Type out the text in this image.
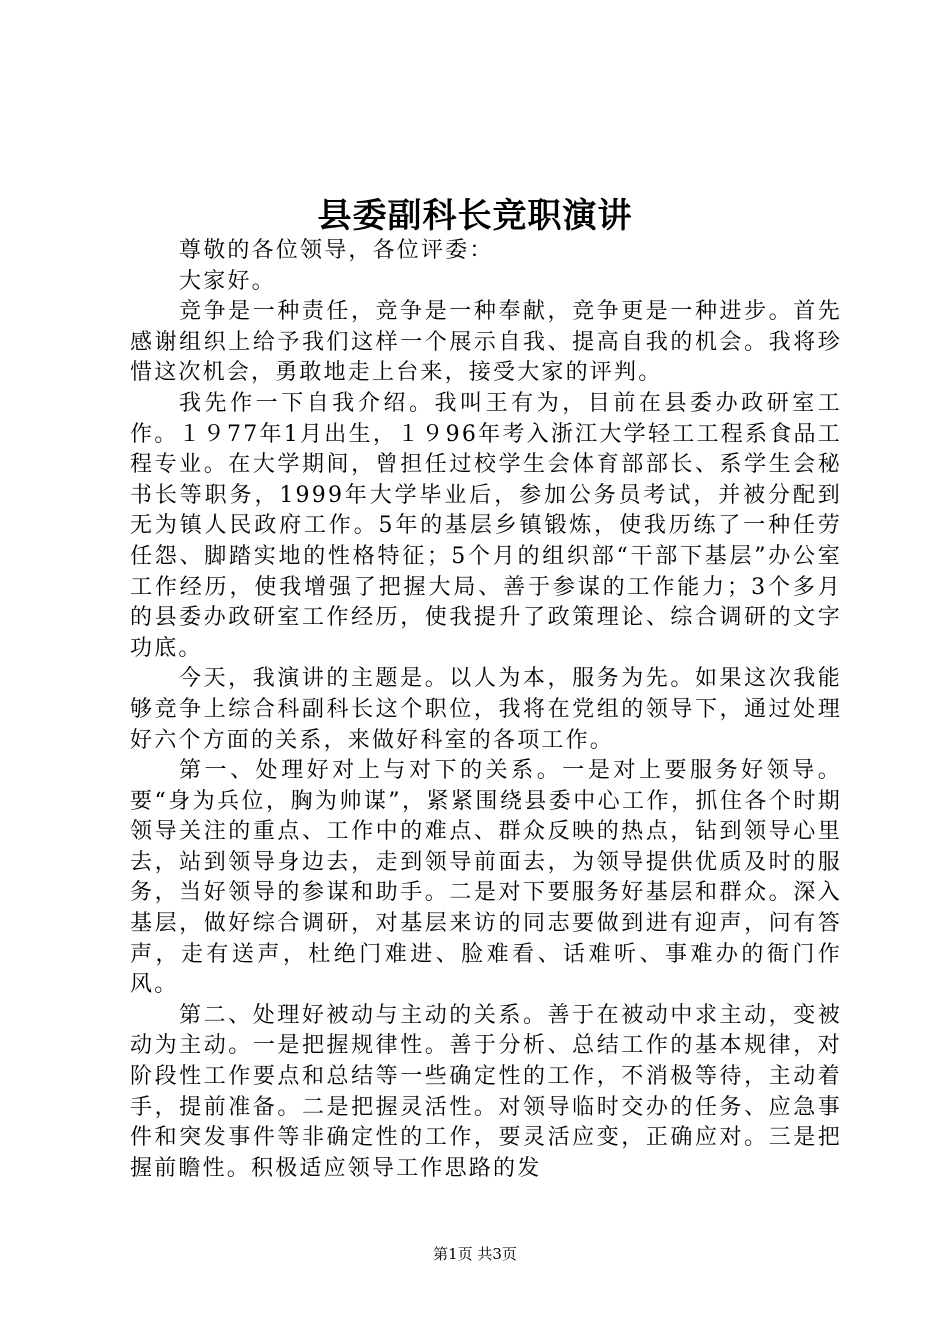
县委副科长竞职演讲

尊敬的各位领导，各位评委：

大家好。

竞争是一种责任，竞争是一种奉献，竞争更是一种进步。首先感谢组织上给予我们这样一个展示自我、提高自我的机会。我将珍惜这次机会，勇敢地走上台来，接受大家的评判。

我先作一下自我介绍。我叫王有为，目前在县委办政研室工作。１９77年1月出生，１９96年考入浙江大学轻工工程系食品工程专业。在大学期间，曾担任过校学生会体育部部长、系学生会秘书长等职务，1999年大学毕业后，参加公务员考试，并被分配到无为镇人民政府工作。5年的基层乡镇锻炼，使我历练了一种任劳任怨、脚踏实地的性格特征；5个月的组织部“干部下基层”办公室工作经历，使我增强了把握大局、善于参谋的工作能力；3个多月的县委办政研室工作经历，使我提升了政策理论、综合调研的文字功底。

今天，我演讲的主题是。以人为本，服务为先。如果这次我能够竞争上综合科副科长这个职位，我将在党组的领导下，通过处理好六个方面的关系，来做好科室的各项工作。

第一、处理好对上与对下的关系。一是对上要服务好领导。要“身为兵位，胸为帅谋”，紧紧围绕县委中心工作，抓住各个时期领导关注的重点、工作中的难点、群众反映的热点，钻到领导心里去，站到领导身边去，走到领导前面去，为领导提供优质及时的服务，当好领导的参谋和助手。二是对下要服务好基层和群众。深入基层，做好综合调研，对基层来访的同志要做到进有迎声，问有答声，走有送声，杜绝门难进、脸难看、话难听、事难办的衙门作风。

第二、处理好被动与主动的关系。善于在被动中求主动，变被动为主动。一是把握规律性。善于分析、总结工作的基本规律，对阶段性工作要点和总结等一些确定性的工作，不消极等待，主动着手，提前准备。二是把握灵活性。对领导临时交办的任务、应急事件和突发事件等非确定性的工作，要灵活应变，正确应对。三是把握前瞻性。积极适应领导工作思路的发

第1页 共3页
